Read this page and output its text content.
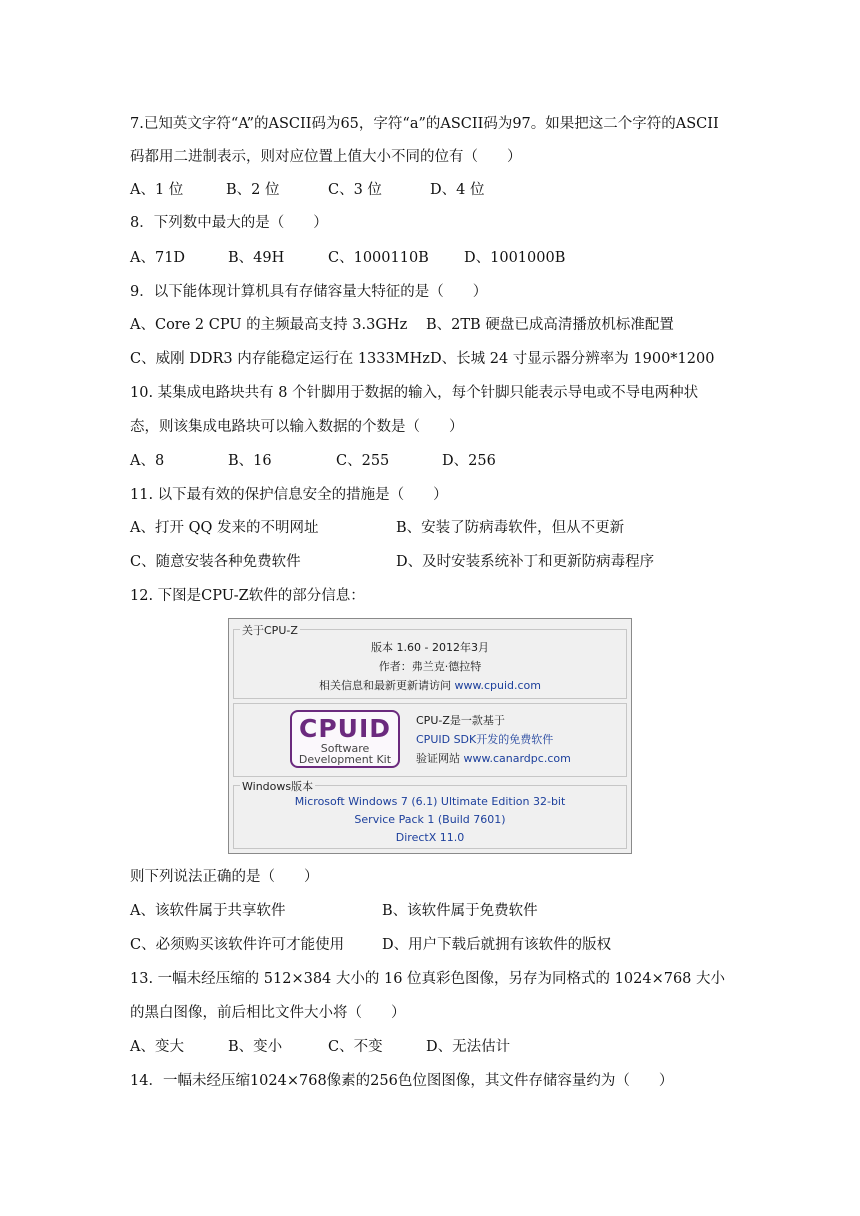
7.已知英文字符“A”的ASCII码为65，字符“a”的ASCII码为97。如果把这二个字符的ASCII
码都用二进制表示，则对应位置上值大小不同的位有（　　）
A、1 位	B、2 位	C、3 位	D、4 位
8．下列数中最大的是（　　）
A、71D	B、49H	C、1000110B D、1001000B
9．以下能体现计算机具有存储容量大特征的是（　　）
A、Core 2 CPU 的主频最高支持 3.3GHz B、2TB 硬盘已成高清播放机标准配置
C、威刚 DDR3 内存能稳定运行在 1333MHz D、长城 24 寸显示器分辨率为 1900*1200
10. 某集成电路块共有 8 个针脚用于数据的输入，每个针脚只能表示导电或不导电两种状
态，则该集成电路块可以输入数据的个数是（　　）
A、8	B、16	C、255	D、256
11. 以下最有效的保护信息安全的措施是（　　）
A、打开 QQ 发来的不明网址	B、安装了防病毒软件，但从不更新
C、随意安装各种免费软件	D、及时安装系统补丁和更新防病毒程序
12. 下图是CPU-Z软件的部分信息：
关于CPU-Z
版本 1.60 - 2012年3月
作者：弗兰克·德拉特
相关信息和最新更新请访问 www.cpuid.com
CPUID
Software
Development Kit
CPU-Z是一款基于
CPUID SDK开发的免费软件
验证网站 www.canardpc.com
Windows版本
Microsoft Windows 7 (6.1) Ultimate Edition 32-bit
Service Pack 1 (Build 7601)
DirectX 11.0
则下列说法正确的是（　　）
A、该软件属于共享软件	B、该软件属于免费软件
C、必须购买该软件许可才能使用	D、用户下载后就拥有该软件的版权
13. 一幅未经压缩的 512×384 大小的 16 位真彩色图像，另存为同格式的 1024×768 大小
的黑白图像，前后相比文件大小将（　　）
A、变大	B、变小	C、不变	D、无法估计
14．一幅未经压缩1024×768像素的256色位图图像，其文件存储容量约为（　　）
